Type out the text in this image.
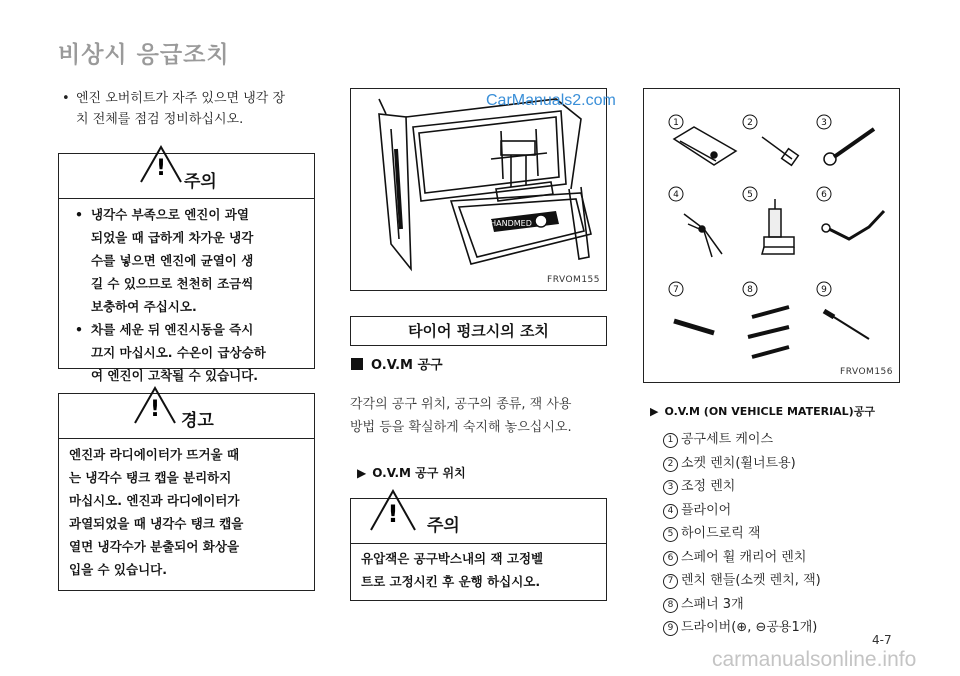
비상시 응급조치
• 엔진 오버히트가 자주 있으면 냉각 장
치 전체를 점검 정비하십시오.
!
주의
• 냉각수 부족으로 엔진이 과열
되었을 때 급하게 차가운 냉각
수를 넣으면 엔진에 균열이 생
길 수 있으므로 천천히 조금씩
보충하여 주십시오.
• 차를 세운 뒤 엔진시동을 즉시
끄지 마십시오. 수온이 급상승하
여 엔진이 고착될 수 있습니다.
! 경고
엔진과 라디에이터가 뜨거울 때
는 냉각수 탱크 캡을 분리하지
마십시오. 엔진과 라디에이터가
과열되었을 때 냉각수 탱크 캡을
열면 냉각수가 분출되어 화상을
입을 수 있습니다.
HANDMED
FRVOM155
CarManuals2.com
타이어 펑크시의 조치
O.V.M 공구
각각의 공구 위치, 공구의 종류, 잭 사용
방법 등을 확실하게 숙지해 놓으십시오.
▶ O.V.M 공구 위치
! 주의
유압잭은 공구박스내의 잭 고정벨
트로 고정시킨 후 운행 하십시오.
1	2	3
4	5	6
7	8	9
FRVOM156
▶ O.V.M (ON VEHICLE MATERIAL)공구
1 공구세트 케이스
2 소켓 렌치(휠너트용)
3 조정 렌치
4 플라이어
5 하이드로릭 잭
6 스페어 휠 캐리어 렌치
7 렌치 핸들(소켓 렌치, 잭)
8 스패너 3개
9 드라이버(⊕, ⊖공용1개)
4-7
carmanualsonline.info
